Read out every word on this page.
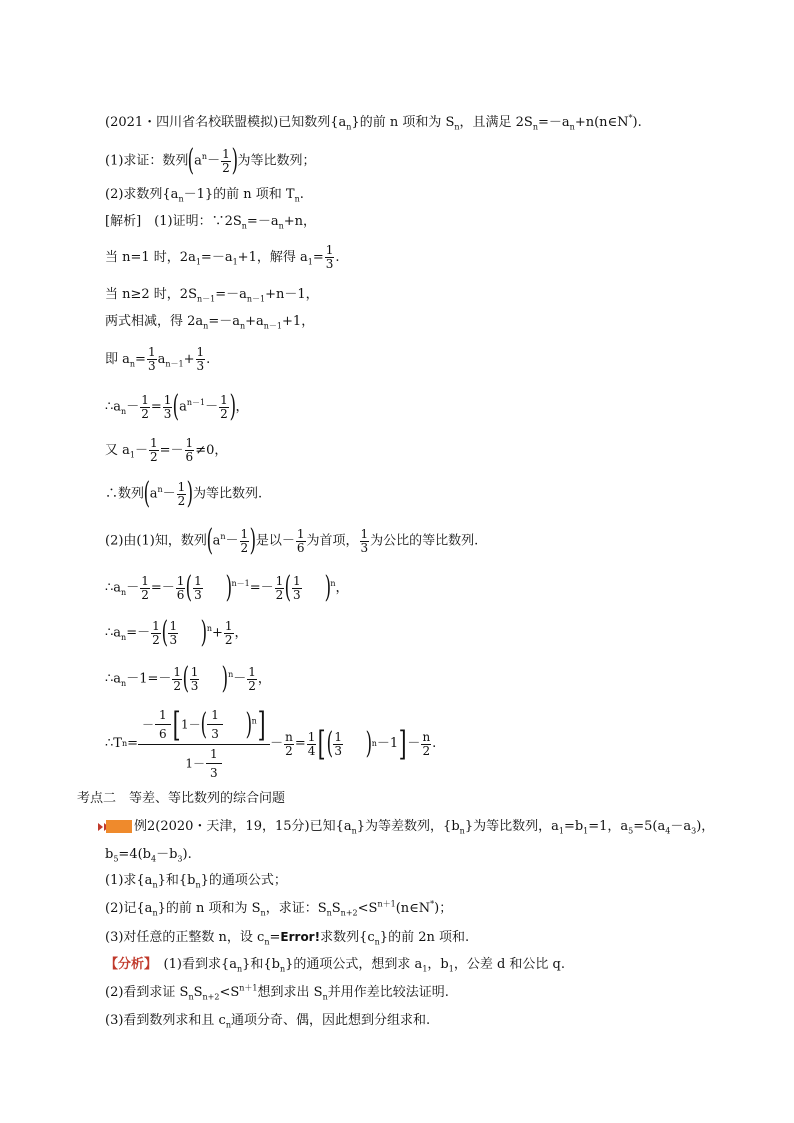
(2021・四川省名校联盟模拟)已知数列$\{a_n\}$的前 n 项和为 $S_n$，且满足 $2S_n=-a_n+n(n\in N^*)$.
(1)求证：数列($a^n- \frac{1}{2}$ )为等比数列；
(2)求数列$\{a_n-1\}$的前 n 项和 $T_n$.
[解析]　 (1)证明：$\because 2S_n=-a_n+n$，
当 n=1 时，$2a_1=-a_1+1$，解得 $a_1= \frac{1}{3}$ .
当 n≥2 时，$2S_{n-1}=-a_{n-1}+n-1$，
两式相减，得 $2a_n=-a_n+a_{n-1}+1$，
即 $a_n= \frac{1}{3} a_{n-1}+ \frac{1}{3}$ .
$\therefore a_n- \frac{1}{2} = \frac{1}{3} (a^{n-1}- \frac{1}{2}$ )，
又 $a_1- \frac{1}{2} =- \frac{1}{6} \ne 0$，
∴数列($a^n- \frac{1}{2}$ )为等比数列.
(2)由(1)知，数列($a^n- \frac{1}{2}$ )是以－ $\frac{1}{6}$ 为首项， $\frac{1}{3}$ 为公比的等比数列.
$\therefore a_n- \frac{1}{2} =- \frac{1}{6}$ ( $\frac{1}{3} )^{n-1}=- \frac{1}{2}$ ( $\frac{1}{3} )^n$，
$\therefore a_n=- \frac{1}{2}$ ( $\frac{1}{3} )^n+ \frac{1}{2}$ ，
$\therefore a_n-1=- \frac{1}{2}$ ( $\frac{1}{3} )^n- \frac{1}{2}$ ，
∴Tn= $\frac{- \frac{1}{6} [1-( \frac{1}{3} )^n]}{1- \frac{1}{3}} - \frac{n}{2} = \frac{1}{4}$ [( $\frac{1}{3} )n-1]- \frac{n}{2}$ .
考点二　等差、等比数列的综合问题
例2(2020・天津，19，15分)已知$\{a_n\}$为等差数列，$\{b_n\}$为等比数列，$a_1=b_1=1$，$a_5=5(a_4-a_3)$，
$b_5=4(b_4-b_3)$.
(1)求$\{a_n\}$和$\{b_n\}$的通项公式；
(2)记$\{a_n\}$的前 n 项和为 $S_n$，求证：$S_nS_{n+2}<S^{n+1}(n\in N^*)$；
(3)对任意的正整数 n，设 $c_n=Error$!求数列$\{c_n\}$的前 2n 项和.
【分析】　 (1)看到求$\{a_n\}$和$\{b_n\}$的通项公式，想到求 $a_1$，$b_1$，公差 d 和公比 q.
(2)看到求证 $S_nS_{n+2}<S^{n+1}$想到求出 $S_n$并用作差比较法证明.
(3)看到数列求和且 $c_n$通项分奇、偶，因此想到分组求和.
